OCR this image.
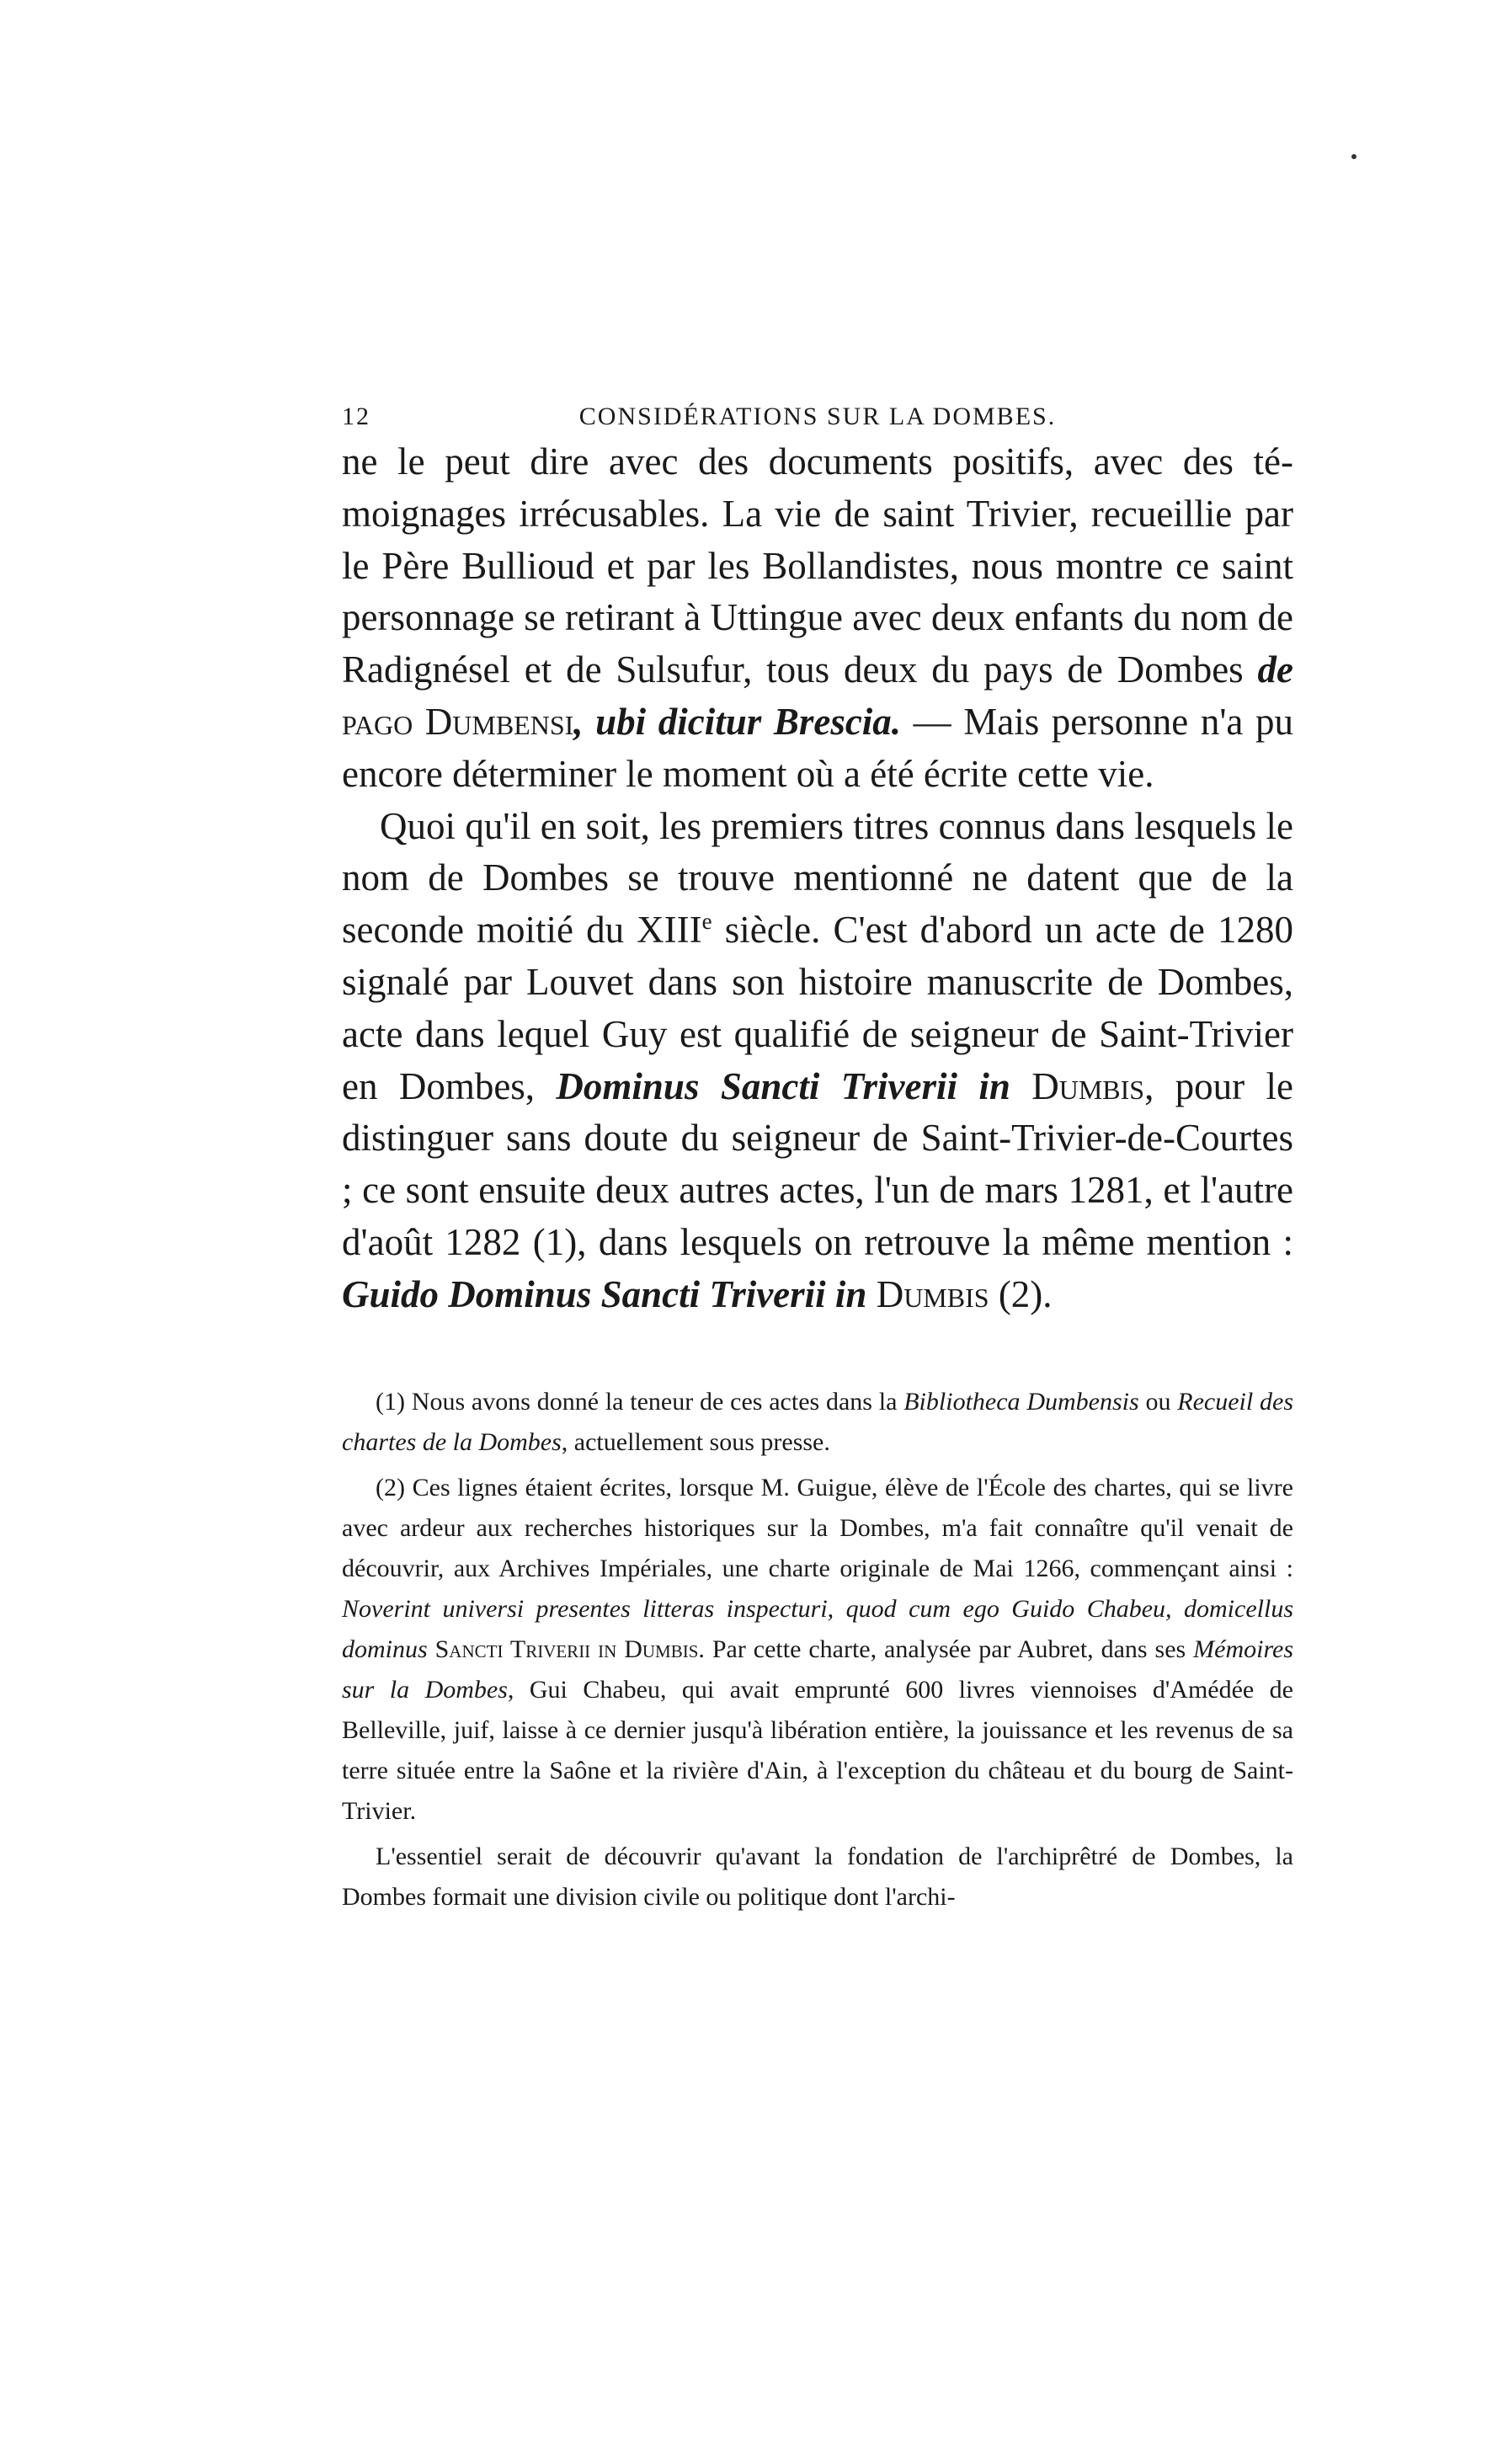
12	CONSIDÉRATIONS SUR LA DOMBES.

ne le peut dire avec des documents positifs, avec des témoignages irrécusables. La vie de saint Trivier, recueillie par le Père Bullioud et par les Bollandistes, nous montre ce saint personnage se retirant à Uttingue avec deux enfants du nom de Radignésel et de Sulsufur, tous deux du pays de Dombes de pago Dumbensi, ubi dicitur Brescia. — Mais personne n'a pu encore déterminer le moment où a été écrite cette vie.

Quoi qu'il en soit, les premiers titres connus dans lesquels le nom de Dombes se trouve mentionné ne datent que de la seconde moitié du XIIIe siècle. C'est d'abord un acte de 1280 signalé par Louvet dans son histoire manuscrite de Dombes, acte dans lequel Guy est qualifié de seigneur de Saint-Trivier en Dombes, Dominus Sancti Triverii in Dumbis, pour le distinguer sans doute du seigneur de Saint-Trivier-de-Courtes ; ce sont ensuite deux autres actes, l'un de mars 1281, et l'autre d'août 1282 (1), dans lesquels on retrouve la même mention : Guido Dominus Sancti Triverii in Dumbis (2).

(1) Nous avons donné la teneur de ces actes dans la Bibliotheca Dumbensis ou Recueil des chartes de la Dombes, actuellement sous presse.

(2) Ces lignes étaient écrites, lorsque M. Guigue, élève de l'École des chartes, qui se livre avec ardeur aux recherches historiques sur la Dombes, m'a fait connaître qu'il venait de découvrir, aux Archives Impériales, une charte originale de Mai 1266, commençant ainsi : Noverint universi presentes litteras inspecturi, quod cum ego Guido Chabeu, domicellus dominus Sancti Triverii in Dumbis. Par cette charte, analysée par Aubret, dans ses Mémoires sur la Dombes, Gui Chabeu, qui avait emprunté 600 livres viennoises d'Amédée de Belleville, juif, laisse à ce dernier jusqu'à libération entière, la jouissance et les revenus de sa terre située entre la Saône et la rivière d'Ain, à l'exception du château et du bourg de Saint-Trivier.

L'essentiel serait de découvrir qu'avant la fondation de l'archiprêtré de Dombes, la Dombes formait une division civile ou politique dont l'archi-
